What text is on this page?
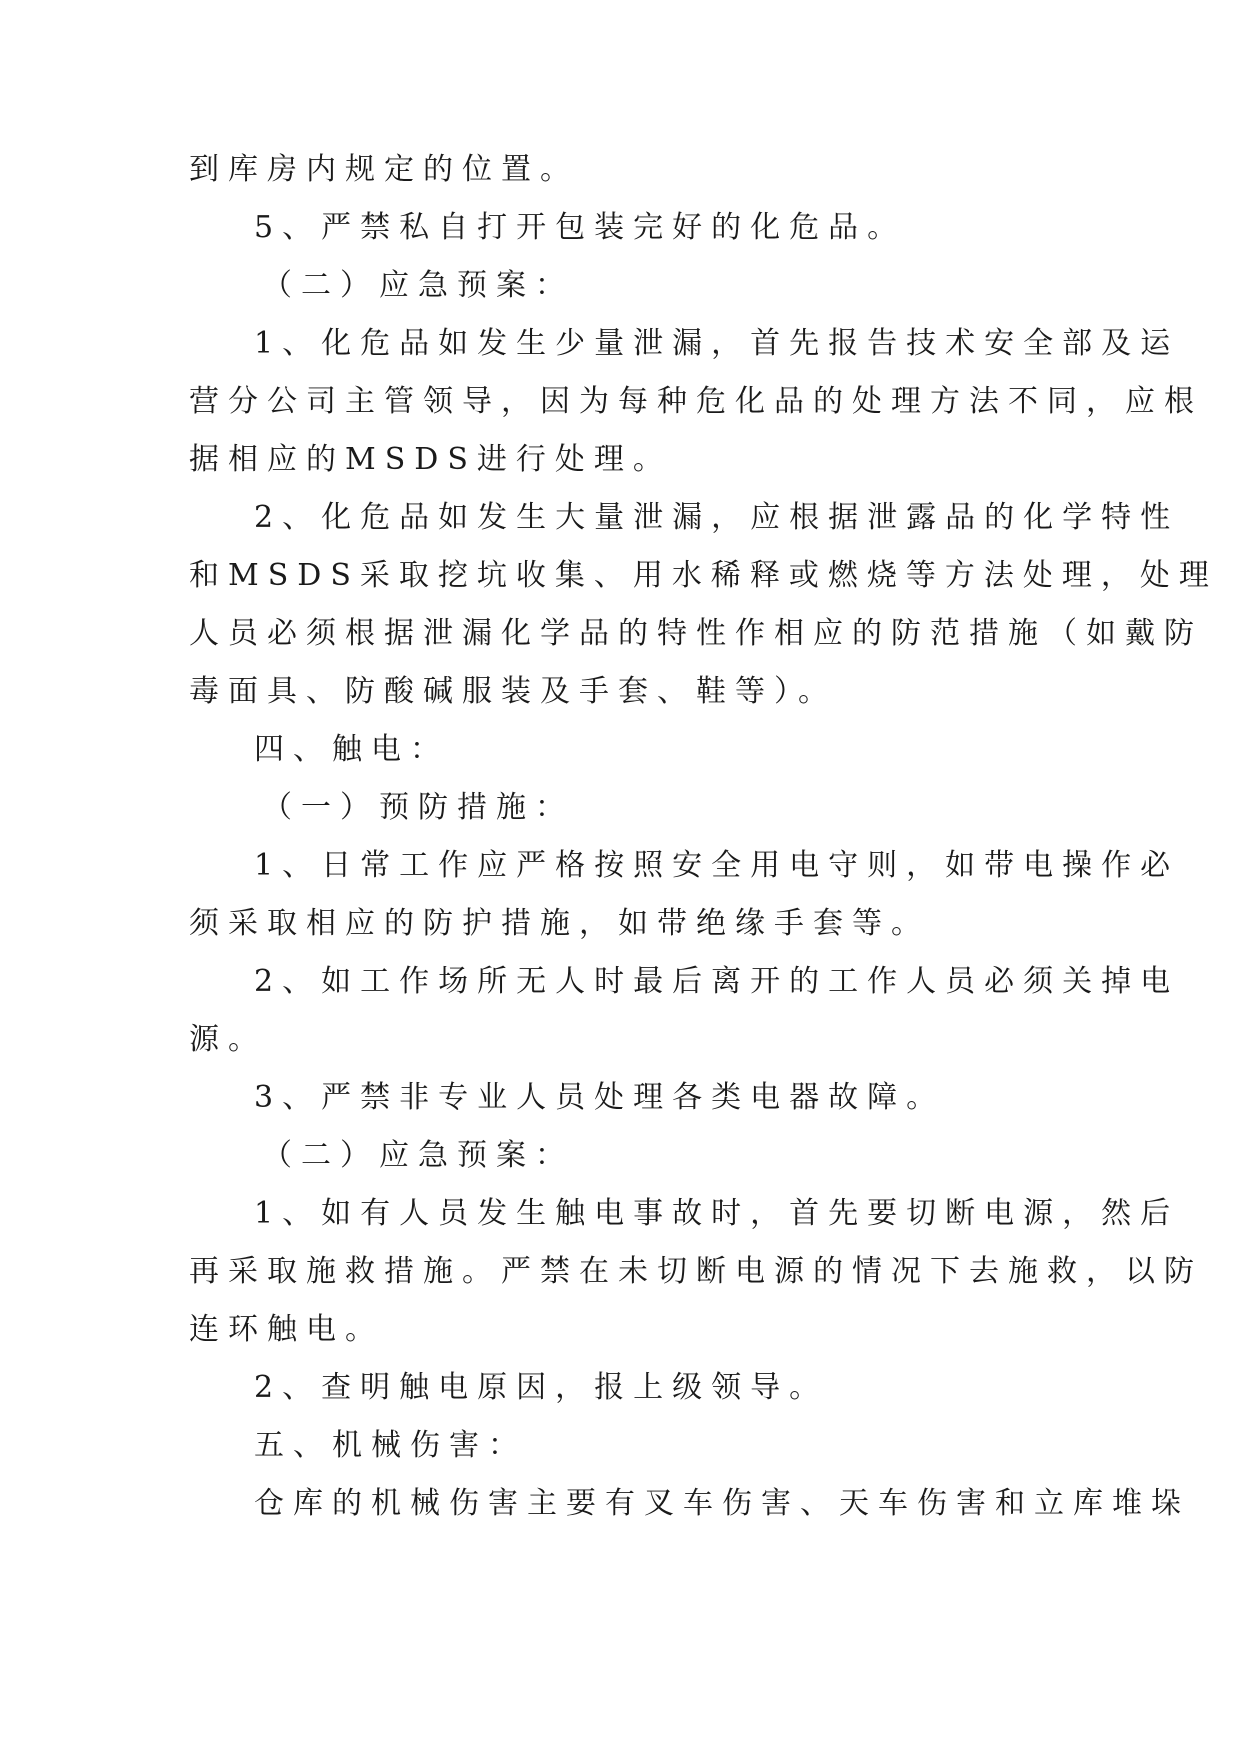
到库房内规定的位置。
5、严禁私自打开包装完好的化危品。
（二）应急预案：
1、化危品如发生少量泄漏，首先报告技术安全部及运
营分公司主管领导，因为每种危化品的处理方法不同，应根
据相应的MSDS进行处理。
2、化危品如发生大量泄漏，应根据泄露品的化学特性
和MSDS采取挖坑收集、用水稀释或燃烧等方法处理，处理
人员必须根据泄漏化学品的特性作相应的防范措施（如戴防
毒面具、防酸碱服装及手套、鞋等）。
四、触电：
（一）预防措施：
1、日常工作应严格按照安全用电守则，如带电操作必
须采取相应的防护措施，如带绝缘手套等。
2、如工作场所无人时最后离开的工作人员必须关掉电
源。
3、严禁非专业人员处理各类电器故障。
（二）应急预案：
1、如有人员发生触电事故时，首先要切断电源，然后
再采取施救措施。严禁在未切断电源的情况下去施救，以防
连环触电。
2、查明触电原因，报上级领导。
五、机械伤害：
仓库的机械伤害主要有叉车伤害、天车伤害和立库堆垛
